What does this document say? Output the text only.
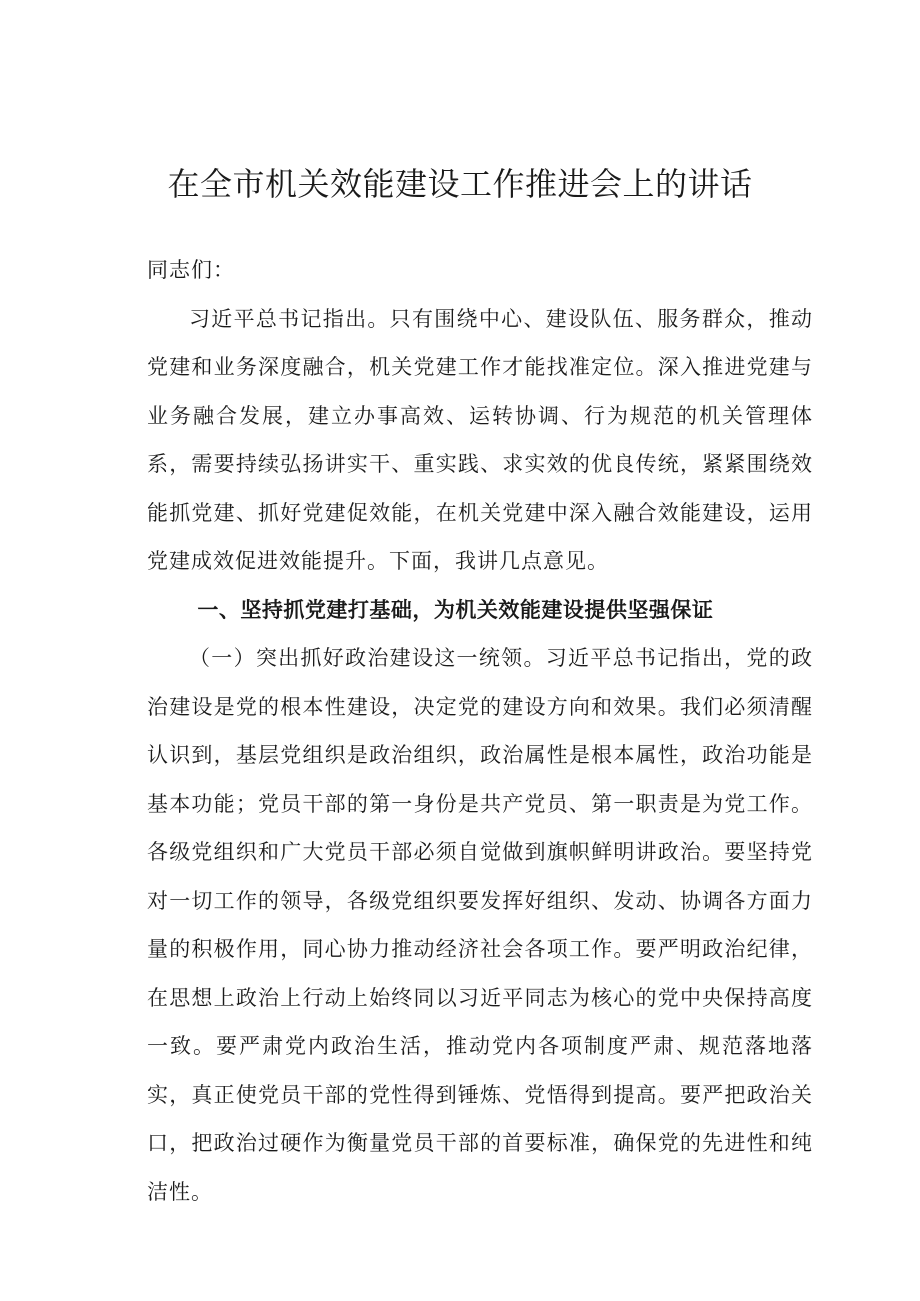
在全市机关效能建设工作推进会上的讲话

同志们：

习近平总书记指出。只有围绕中心、建设队伍、服务群众，推动党建和业务深度融合，机关党建工作才能找准定位。深入推进党建与业务融合发展，建立办事高效、运转协调、行为规范的机关管理体系，需要持续弘扬讲实干、重实践、求实效的优良传统，紧紧围绕效能抓党建、抓好党建促效能，在机关党建中深入融合效能建设，运用党建成效促进效能提升。下面，我讲几点意见。

一、坚持抓党建打基础，为机关效能建设提供坚强保证

（一）突出抓好政治建设这一统领。习近平总书记指出，党的政治建设是党的根本性建设，决定党的建设方向和效果。我们必须清醒认识到，基层党组织是政治组织，政治属性是根本属性，政治功能是基本功能；党员干部的第一身份是共产党员、第一职责是为党工作。各级党组织和广大党员干部必须自觉做到旗帜鲜明讲政治。要坚持党对一切工作的领导，各级党组织要发挥好组织、发动、协调各方面力量的积极作用，同心协力推动经济社会各项工作。要严明政治纪律，在思想上政治上行动上始终同以习近平同志为核心的党中央保持高度一致。要严肃党内政治生活，推动党内各项制度严肃、规范落地落实，真正使党员干部的党性得到锤炼、党悟得到提高。要严把政治关口，把政治过硬作为衡量党员干部的首要标准，确保党的先进性和纯洁性。
